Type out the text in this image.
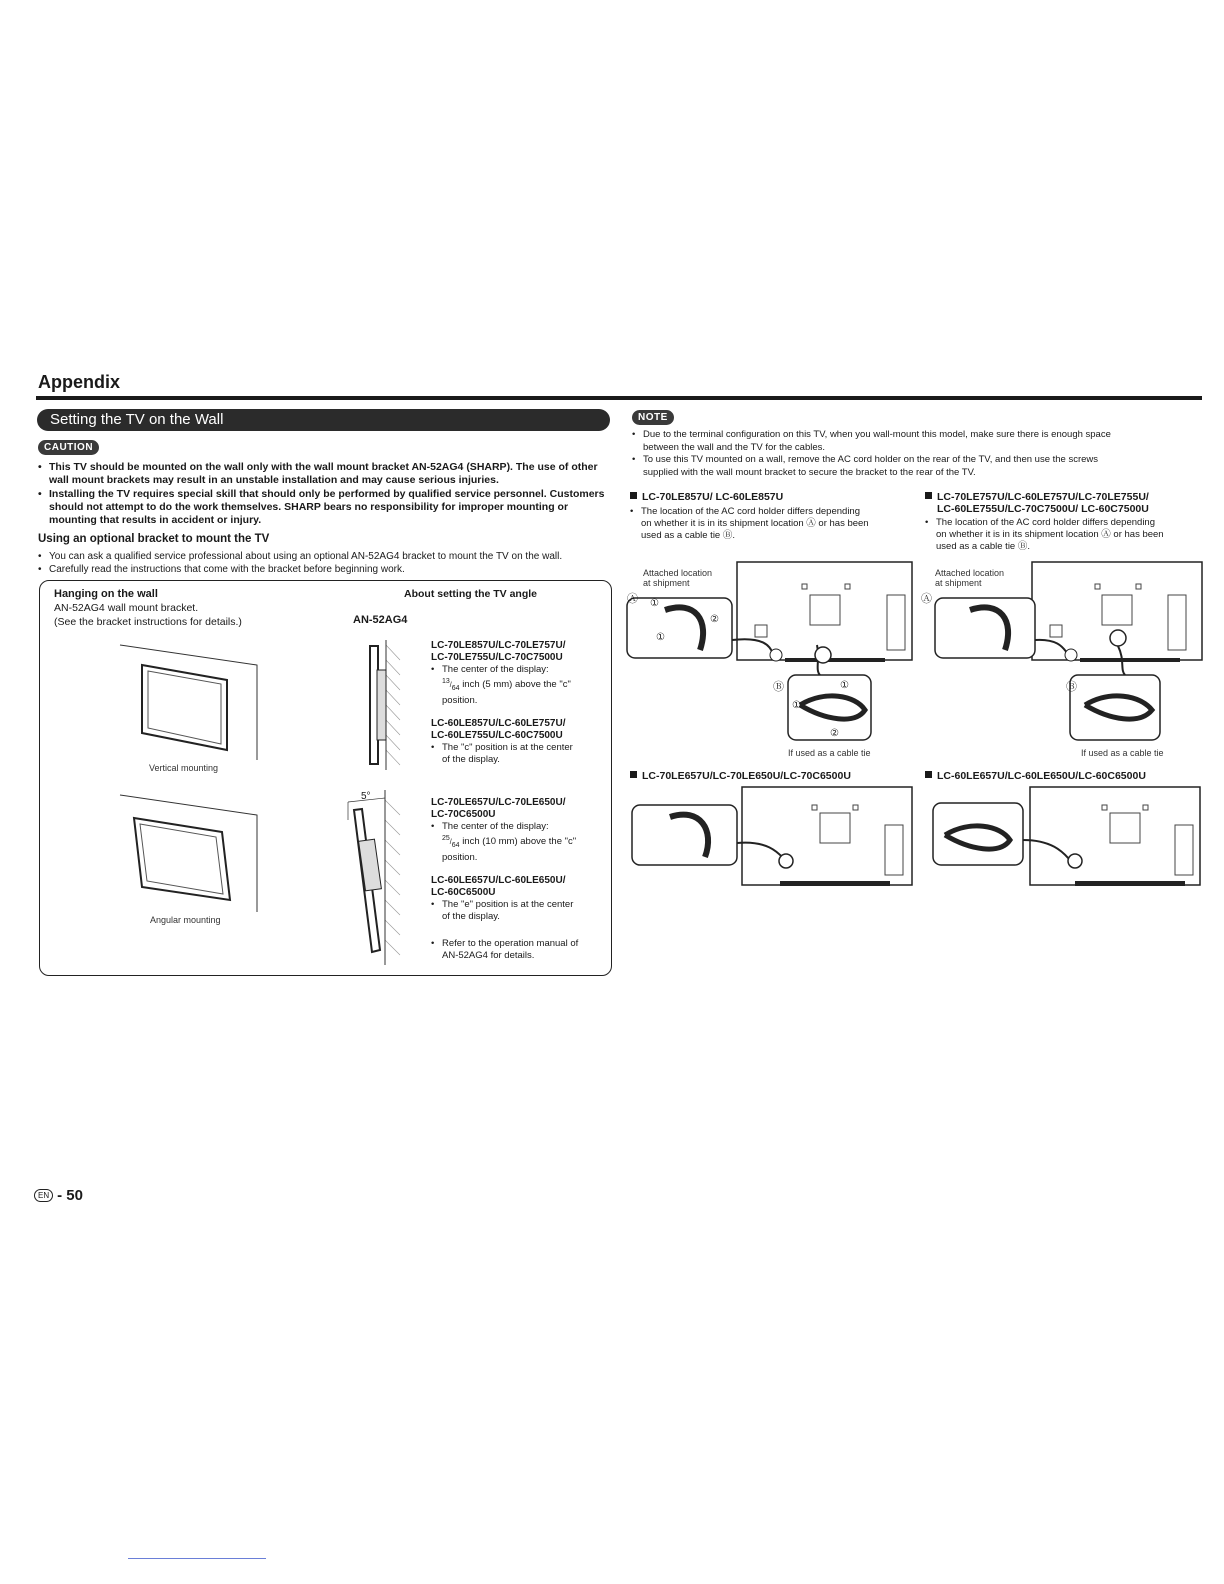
Appendix
Setting the TV on the Wall
CAUTION
• This TV should be mounted on the wall only with the wall mount bracket AN-52AG4 (SHARP). The use of other wall mount brackets may result in an unstable installation and may cause serious injuries.
• Installing the TV requires special skill that should only be performed by qualified service personnel. Customers should not attempt to do the work themselves. SHARP bears no responsibility for improper mounting or mounting that results in accident or injury.
Using an optional bracket to mount the TV
• You can ask a qualified service professional about using an optional AN-52AG4 bracket to mount the TV on the wall.
• Carefully read the instructions that come with the bracket before beginning work.
Hanging on the wall
AN-52AG4 wall mount bracket.
(See the bracket instructions for details.)
About setting the TV angle
AN-52AG4
Vertical mounting
Angular mounting
5°
LC-70LE857U/LC-70LE757U/
LC-70LE755U/LC-70C7500U
• The center of the display:
$^{13}/_{64}$ inch (5 mm) above the "c"
position.
LC-60LE857U/LC-60LE757U/
LC-60LE755U/LC-60C7500U
• The "c" position is at the center
of the display.
LC-70LE657U/LC-70LE650U/
LC-70C6500U
• The center of the display:
$^{25}/_{64}$ inch (10 mm) above the "c"
position.
LC-60LE657U/LC-60LE650U/
LC-60C6500U
• The "e" position is at the center
of the display.
• Refer to the operation manual of
AN-52AG4 for details.
NOTE
• Due to the terminal configuration on this TV, when you wall-mount this model, make sure there is enough space
between the wall and the TV for the cables.
• To use this TV mounted on a wall, remove the AC cord holder on the rear of the TV, and then use the screws
supplied with the wall mount bracket to secure the bracket to the rear of the TV.
LC-70LE857U/ LC-60LE857U
• The location of the AC cord holder differs depending
on whether it is in its shipment location Ⓐ or has been
used as a cable tie Ⓑ.
LC-70LE757U/LC-60LE757U/LC-70LE755U/
LC-60LE755U/LC-70C7500U/ LC-60C7500U
• The location of the AC cord holder differs depending
on whether it is in its shipment location Ⓐ or has been
used as a cable tie Ⓑ.
Attached location
at shipment
Ⓐ ①
①
②
Ⓑ
①
①
②
If used as a cable tie
Attached location
at shipment
Ⓐ
Ⓑ
If used as a cable tie
LC-70LE657U/LC-70LE650U/LC-70C6500U	LC-60LE657U/LC-60LE650U/LC-60C6500U
EN - 50
